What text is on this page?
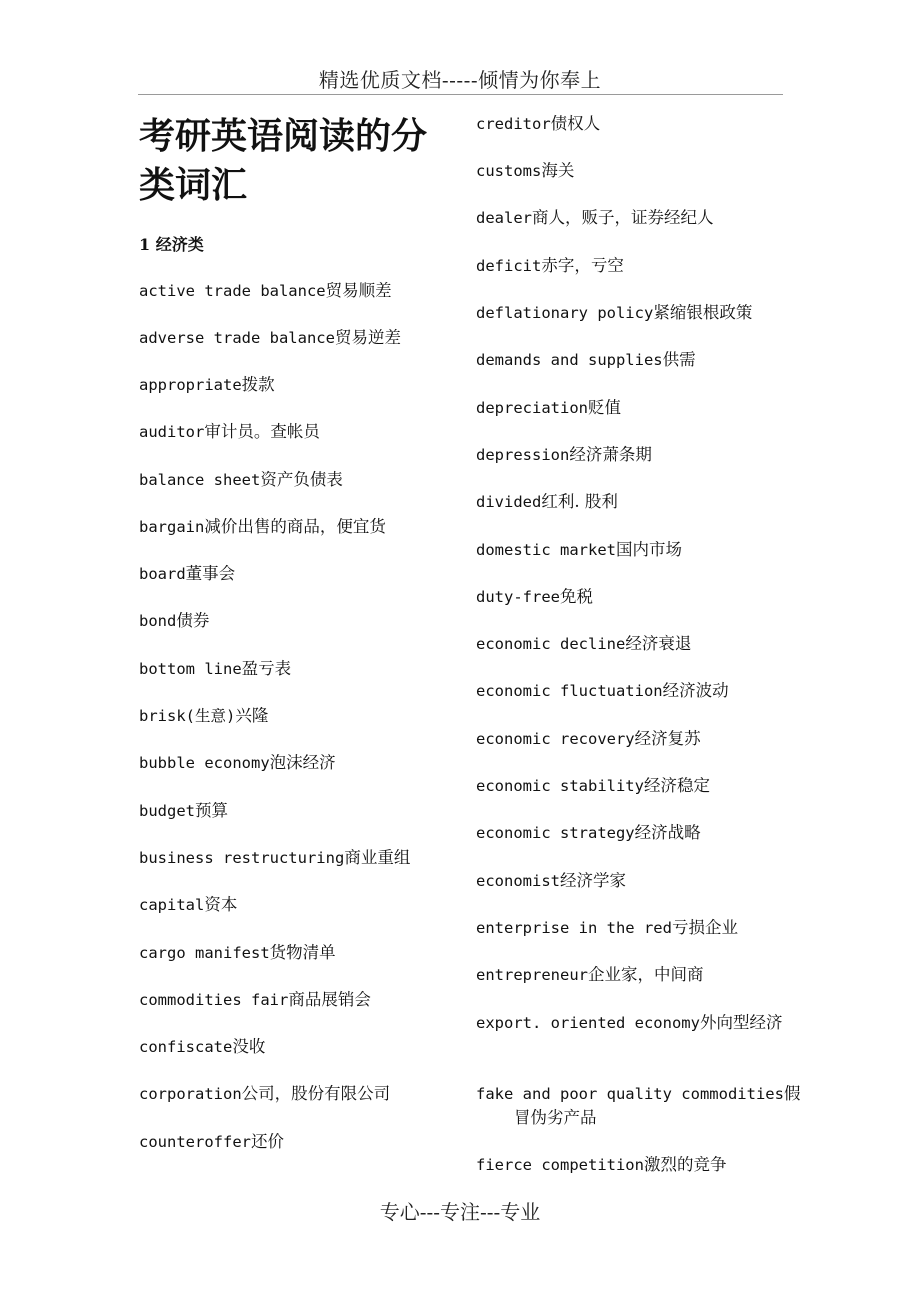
精选优质文档-----倾情为你奉上
考研英语阅读的分类词汇
1 经济类
active trade balance贸易顺差
adverse trade balance贸易逆差
appropriate拨款
auditor审计员。查帐员
balance sheet资产负债表
bargain减价出售的商品，便宜货
board董事会
bond债券
bottom line盈亏表
brisk(生意)兴隆
bubble economy泡沫经济
budget预算
business restructuring商业重组
capital资本
cargo manifest货物清单
commodities fair商品展销会
confiscate没收
corporation公司，股份有限公司
counteroffer还价
creditor债权人
customs海关
dealer商人，贩子，证券经纪人
deficit赤字，亏空
deflationary policy紧缩银根政策
demands and supplies供需
depreciation贬值
depression经济萧条期
divided红利. 股利
domestic market国内市场
duty-free免税
economic decline经济衰退
economic fluctuation经济波动
economic recovery经济复苏
economic stability经济稳定
economic strategy经济战略
economist经济学家
enterprise in the red亏损企业
entrepreneur企业家，中间商
export. oriented economy外向型经济
fake and poor quality commodities假冒伪劣产品
fierce competition激烈的竞争
专心---专注---专业
